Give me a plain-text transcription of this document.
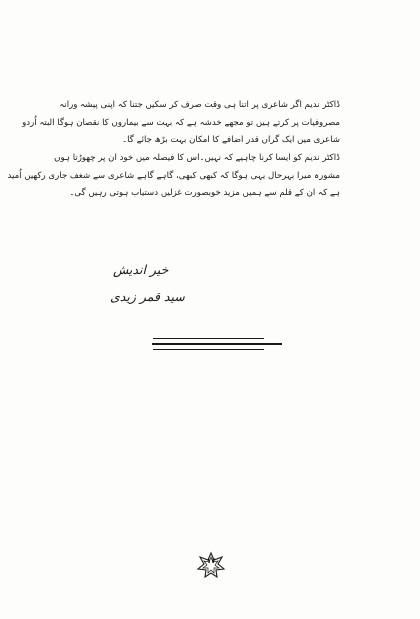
ڈاکٹر ندیم اگر شاعری پر اتنا ہی وقت صرف کر سکیں جتنا کہ اپنی پیشہ ورانہ
مصروفیات پر کرتے ہیں تو مجھے خدشہ ہے کہ بہت سے بیماروں کا نقصان ہوگا البتہ اُردو
شاعری میں ایک گراں قدر اضافے کا امکان بہت بڑھ جائے گا۔
ڈاکٹر ندیم کو ایسا کرنا چاہیے کہ نہیں۔اس کا فیصلہ میں خود ان پر چھوڑتا ہوں
مشورہ میرا بہرحال یہی ہوگا کہ کبھی کبھی، گاہے گاہے شاعری سے شغف جاری رکھیں اُمید
ہے کہ ان کے قلم سے ہمیں مزید خوبصورت غزلیں دستیاب ہوتی رہیں گی۔
خیر اندیش
سید قمر زیدی
۱۷
